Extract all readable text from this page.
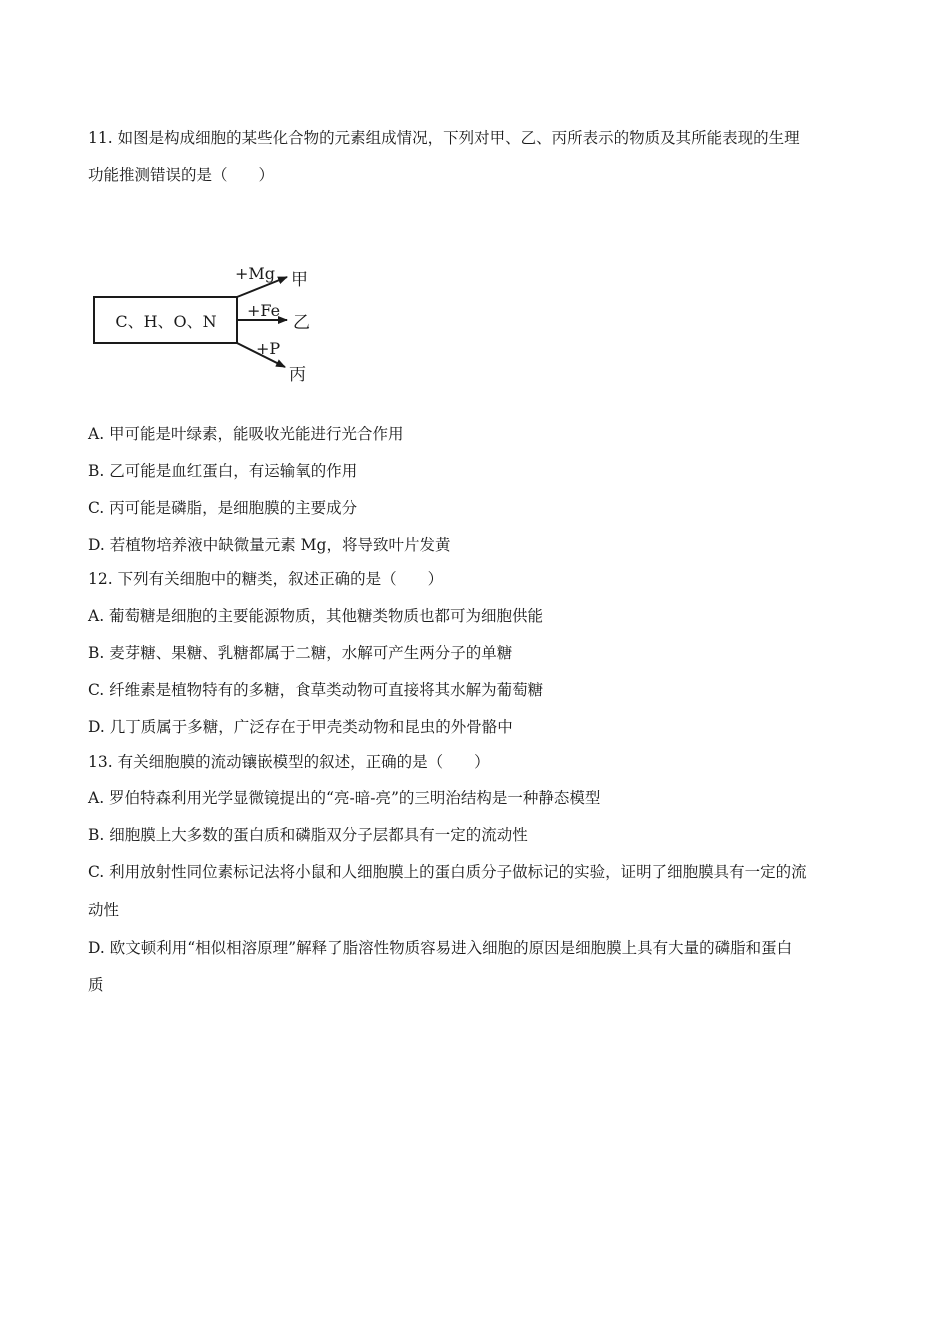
11. 如图是构成细胞的某些化合物的元素组成情况，下列对甲、乙、丙所表示的物质及其所能表现的生理
功能推测错误的是（　　）
C、H、O、N
+Mg 甲
+Fe
乙
+P
丙
A. 甲可能是叶绿素，能吸收光能进行光合作用
B. 乙可能是血红蛋白，有运输氧的作用
C. 丙可能是磷脂，是细胞膜的主要成分
D. 若植物培养液中缺微量元素 Mg，将导致叶片发黄
12. 下列有关细胞中的糖类，叙述正确的是（　　）
A. 葡萄糖是细胞的主要能源物质，其他糖类物质也都可为细胞供能
B. 麦芽糖、果糖、乳糖都属于二糖，水解可产生两分子的单糖
C. 纤维素是植物特有的多糖，食草类动物可直接将其水解为葡萄糖
D. 几丁质属于多糖，广泛存在于甲壳类动物和昆虫的外骨骼中
13. 有关细胞膜的流动镶嵌模型的叙述，正确的是（　　）
A. 罗伯特森利用光学显微镜提出的“亮-暗-亮”的三明治结构是一种静态模型
B. 细胞膜上大多数的蛋白质和磷脂双分子层都具有一定的流动性
C. 利用放射性同位素标记法将小鼠和人细胞膜上的蛋白质分子做标记的实验，证明了细胞膜具有一定的流
动性
D. 欧文顿利用“相似相溶原理”解释了脂溶性物质容易进入细胞的原因是细胞膜上具有大量的磷脂和蛋白
质
